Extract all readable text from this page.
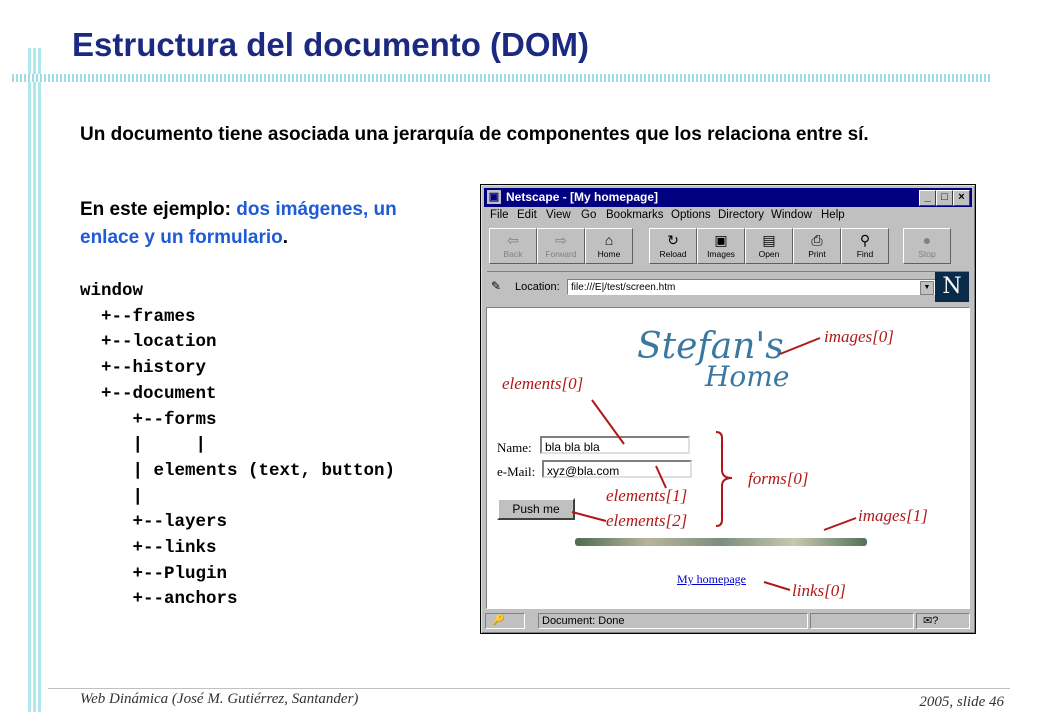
Estructura del documento (DOM)
Un documento tiene asociada una jerarquía de componentes que los relaciona entre sí.
En este ejemplo: dos imágenes, un enlace y un formulario.
window
+--frames
+--location
+--history
+--document
+--forms
|     |
| elements (text, button)
|
+--layers
+--links
+--Plugin
+--anchors
▣ Netscape - [My homepage]	_ □ ×
File Edit View Go Bookmarks Options Directory Window Help
⇦
Back
⇨
Forward
⌂
Home
↻
Reload
▣
Images
▤
Open
⎙
Print
⚲
Find
●
Stop
✎ Location:	file:///E|/test/screen.htm	▼ N
Stefan's
Home
Name:	bla bla bla
e-Mail: xyz@bla.com
Push me
My homepage
🔑	Document: Done	✉?
images[0]
elements[0]
forms[0]
elements[1]
elements[2]	images[1]
links[0]
Web Dinámica (José M. Gutiérrez, Santander)	2005, slide 46
